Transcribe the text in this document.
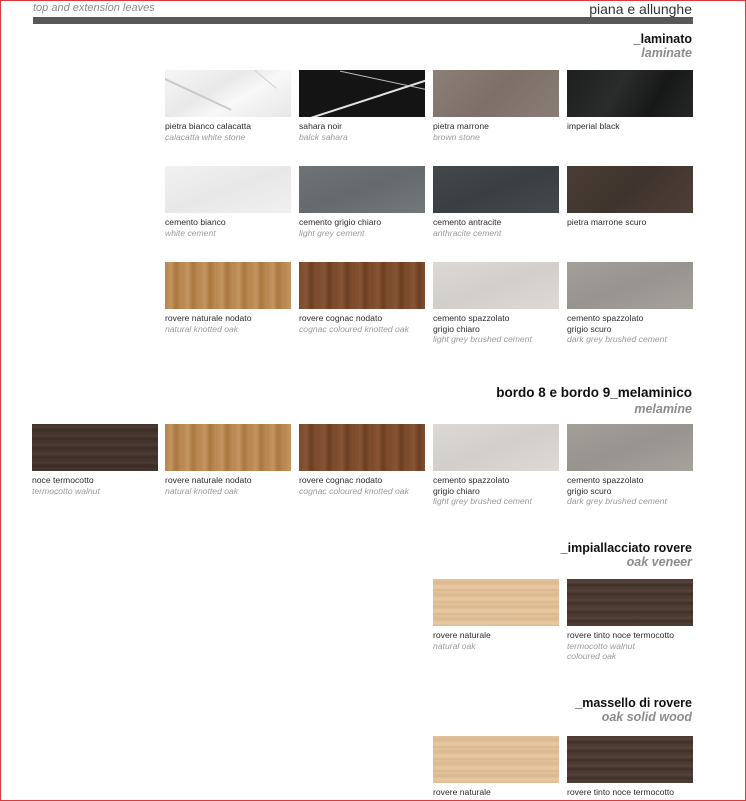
top and extension leaves	piana e allunghe
_laminato
laminate
pietra bianco calacatta
calacatta white stone
sahara noir
balck sahara
pietra marrone
brown stone
imperial black
cemento bianco
white cement
cemento grigio chiaro
light grey cement
cemento antracite
anthracite cement
pietra marrone scuro
rovere naturale nodato
natural knotted oak
rovere cognac nodato
cognac coloured knotted oak
cemento spazzolato grigio chiaro
light grey brushed cement
cemento spazzolato grigio scuro
dark grey brushed cement
bordo 8 e bordo 9_melaminico
melamine
noce termocotto
termocotto walnut
rovere naturale nodato
natural knotted oak
rovere cognac nodato
cognac coloured knotted oak
cemento spazzolato grigio chiaro
light grey brushed cement
cemento spazzolato grigio scuro
dark grey brushed cement
_impiallacciato rovere
oak veneer
rovere naturale
natural oak
rovere tinto noce termocotto
termocotto walnut coloured oak
_massello di rovere
oak solid wood
rovere naturale	rovere tinto noce termocotto
